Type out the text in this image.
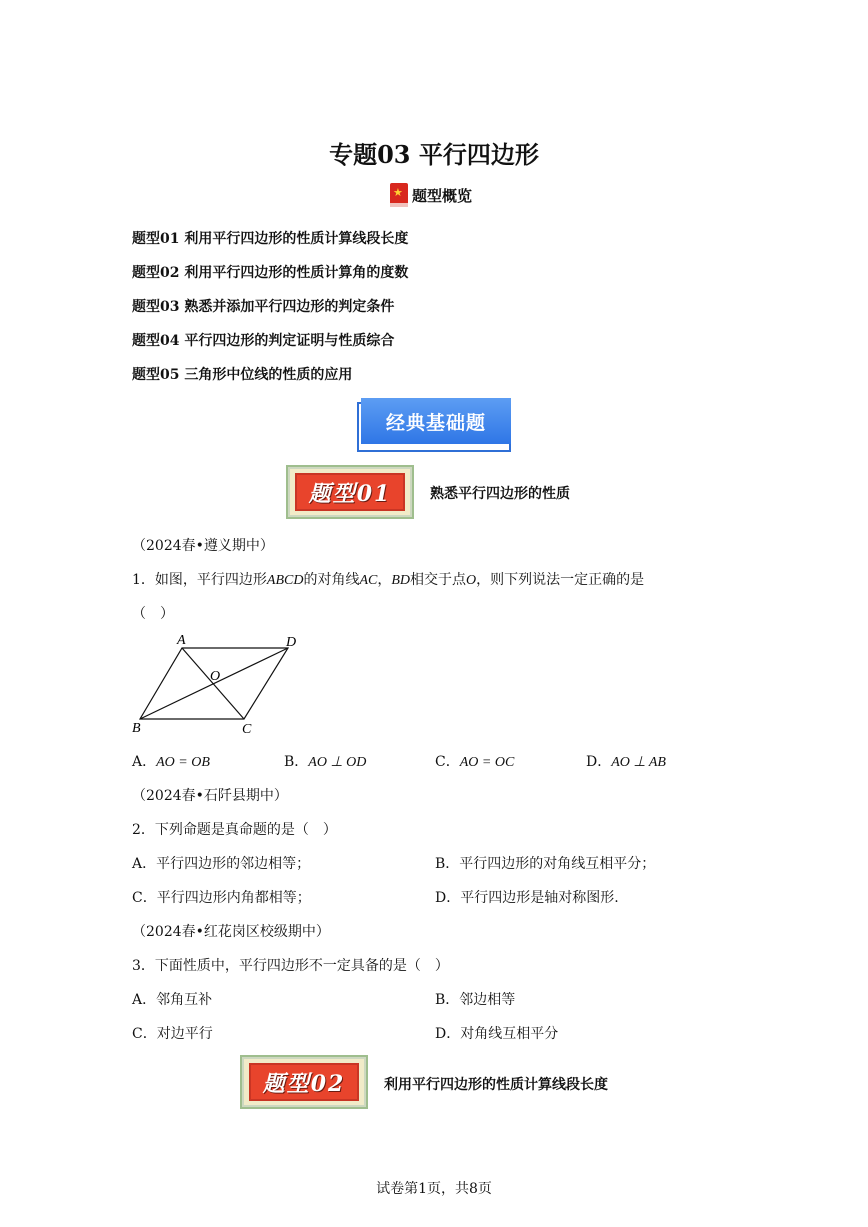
专题03 平行四边形
★
题型概览
题型01 利用平行四边形的性质计算线段长度
题型02 利用平行四边形的性质计算角的度数
题型03 熟悉并添加平行四边形的判定条件
题型04 平行四边形的判定证明与性质综合
题型05 三角形中位线的性质的应用
经典基础题
题型01	熟悉平行四边形的性质
（2024春•遵义期中）
1．如图，平行四边形ABCD的对角线AC，BD相交于点O，则下列说法一定正确的是
（　）
A	D
O
B	C
A．AO = OB	B．AO ⊥ OD	C．AO = OC	D．AO ⊥ AB
（2024春•石阡县期中）
2．下列命题是真命题的是（　）
A．平行四边形的邻边相等；	B．平行四边形的对角线互相平分；
C．平行四边形内角都相等；	D．平行四边形是轴对称图形.
（2024春•红花岗区校级期中）
3．下面性质中，平行四边形不一定具备的是（　）
A．邻角互补	B．邻边相等
C．对边平行	D．对角线互相平分
题型02	利用平行四边形的性质计算线段长度
试卷第1页，共8页
